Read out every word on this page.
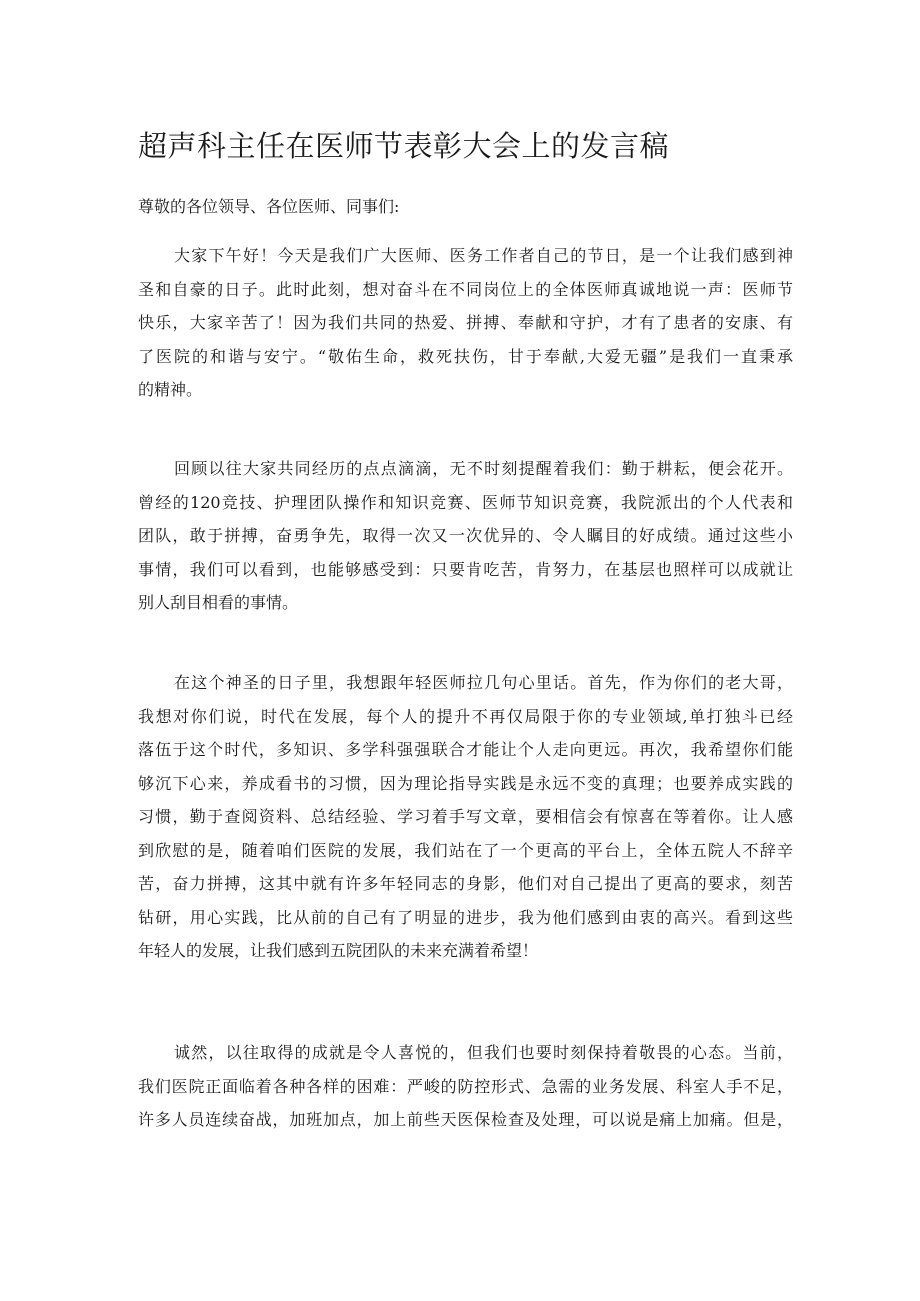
超声科主任在医师节表彰大会上的发言稿

尊敬的各位领导、各位医师、同事们:

大家下午好！今天是我们广大医师、医务工作者自己的节日，是一个让我们感到神
圣和自豪的日子。此时此刻，想对奋斗在不同岗位上的全体医师真诚地说一声：医师节
快乐，大家辛苦了！因为我们共同的热爱、拼搏、奉献和守护，才有了患者的安康、有
了医院的和谐与安宁。“敬佑生命，救死扶伤，甘于奉献,大爱无疆”是我们一直秉承
的精神。
回顾以往大家共同经历的点点滴滴，无不时刻提醒着我们：勤于耕耘，便会花开。
曾经的120竞技、护理团队操作和知识竞赛、医师节知识竞赛，我院派出的个人代表和
团队，敢于拼搏，奋勇争先，取得一次又一次优异的、令人瞩目的好成绩。通过这些小
事情，我们可以看到，也能够感受到：只要肯吃苦，肯努力，在基层也照样可以成就让
别人刮目相看的事情。
在这个神圣的日子里，我想跟年轻医师拉几句心里话。首先，作为你们的老大哥，
我想对你们说，时代在发展，每个人的提升不再仅局限于你的专业领域,单打独斗已经
落伍于这个时代，多知识、多学科强强联合才能让个人走向更远。再次，我希望你们能
够沉下心来，养成看书的习惯，因为理论指导实践是永远不变的真理；也要养成实践的
习惯，勤于查阅资料、总结经验、学习着手写文章，要相信会有惊喜在等着你。让人感
到欣慰的是，随着咱们医院的发展，我们站在了一个更高的平台上，全体五院人不辞辛
苦，奋力拼搏，这其中就有许多年轻同志的身影，他们对自己提出了更高的要求，刻苦
钻研，用心实践，比从前的自己有了明显的进步，我为他们感到由衷的高兴。看到这些
年轻人的发展，让我们感到五院团队的未来充满着希望！
诚然，以往取得的成就是令人喜悦的，但我们也要时刻保持着敬畏的心态。当前，
我们医院正面临着各种各样的困难：严峻的防控形式、急需的业务发展、科室人手不足，
许多人员连续奋战，加班加点，加上前些天医保检查及处理，可以说是痛上加痛。但是，
